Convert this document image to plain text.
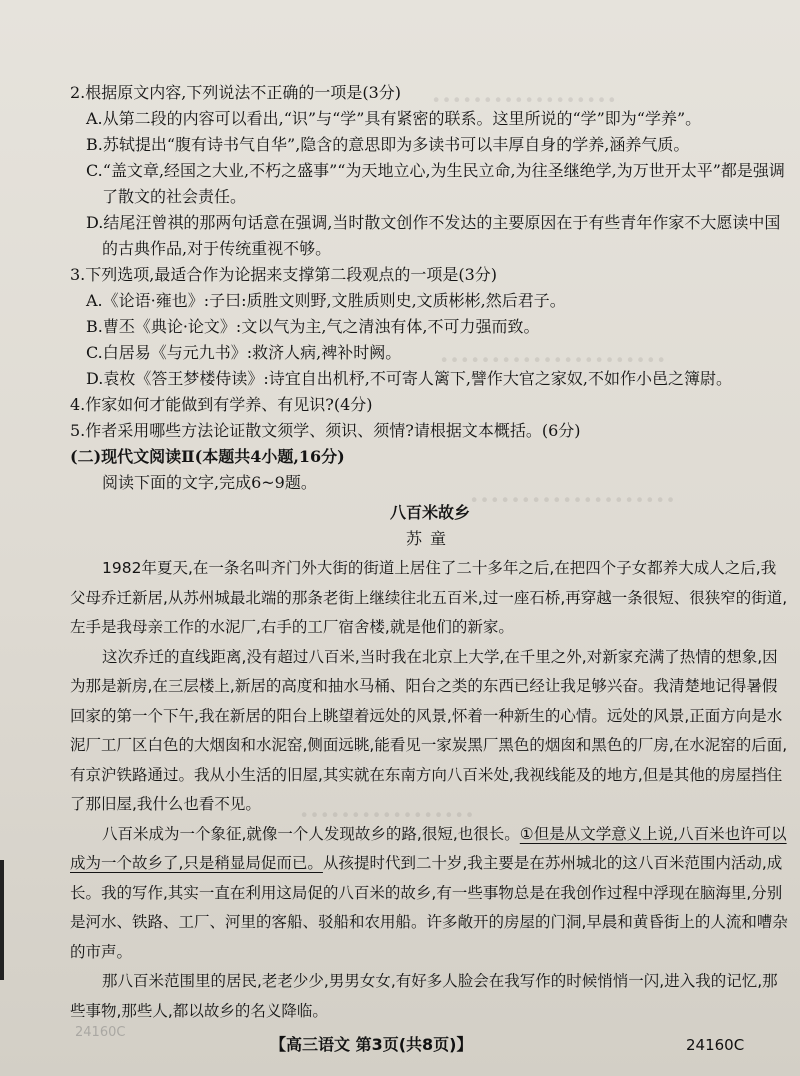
∙∙∙∙∙∙∙∙∙∙∙∙∙∙∙∙∙∙
∙∙∙∙∙∙∙∙∙∙∙∙∙∙∙∙∙∙∙∙∙∙
∙∙∙∙∙∙∙∙∙∙∙∙∙∙∙∙∙∙∙∙
∙∙∙∙∙∙∙∙∙∙∙∙∙∙∙∙∙

2.根据原文内容,下列说法不正确的一项是(3分)

A.从第二段的内容可以看出,“识”与“学”具有紧密的联系。这里所说的“学”即为“学养”。

B.苏轼提出“腹有诗书气自华”,隐含的意思即为多读书可以丰厚自身的学养,涵养气质。

C.“盖文章,经国之大业,不朽之盛事”“为天地立心,为生民立命,为往圣继绝学,为万世开太平”都是强调了散文的社会责任。

D.结尾汪曾祺的那两句话意在强调,当时散文创作不发达的主要原因在于有些青年作家不大愿读中国的古典作品,对于传统重视不够。

3.下列选项,最适合作为论据来支撑第二段观点的一项是(3分)

A.《论语·雍也》:子曰:质胜文则野,文胜质则史,文质彬彬,然后君子。

B.曹丕《典论·论文》:文以气为主,气之清浊有体,不可力强而致。

C.白居易《与元九书》:救济人病,裨补时阙。

D.袁枚《答王梦楼侍读》:诗宜自出机杼,不可寄人篱下,譬作大官之家奴,不如作小邑之簿尉。

4.作家如何才能做到有学养、有见识?(4分)

5.作者采用哪些方法论证散文须学、须识、须情?请根据文本概括。(6分)

(二)现代文阅读Ⅱ(本题共4小题,16分)

阅读下面的文字,完成6~9题。

八百米故乡

苏童

1982年夏天,在一条名叫齐门外大街的街道上居住了二十多年之后,在把四个子女都养大成人之后,我父母乔迁新居,从苏州城最北端的那条老街上继续往北五百米,过一座石桥,再穿越一条很短、很狭窄的街道,左手是我母亲工作的水泥厂,右手的工厂宿舍楼,就是他们的新家。

这次乔迁的直线距离,没有超过八百米,当时我在北京上大学,在千里之外,对新家充满了热情的想象,因为那是新房,在三层楼上,新居的高度和抽水马桶、阳台之类的东西已经让我足够兴奋。我清楚地记得暑假回家的第一个下午,我在新居的阳台上眺望着远处的风景,怀着一种新生的心情。远处的风景,正面方向是水泥厂工厂区白色的大烟囱和水泥窑,侧面远眺,能看见一家炭黑厂黑色的烟囱和黑色的厂房,在水泥窑的后面,有京沪铁路通过。我从小生活的旧屋,其实就在东南方向八百米处,我视线能及的地方,但是其他的房屋挡住了那旧屋,我什么也看不见。

八百米成为一个象征,就像一个人发现故乡的路,很短,也很长。①但是从文学意义上说,八百米也许可以成为一个故乡了,只是稍显局促而已。从孩提时代到二十岁,我主要是在苏州城北的这八百米范围内活动,成长。我的写作,其实一直在利用这局促的八百米的故乡,有一些事物总是在我创作过程中浮现在脑海里,分别是河水、铁路、工厂、河里的客船、驳船和农用船。许多敞开的房屋的门洞,早晨和黄昏街上的人流和嘈杂的市声。

那八百米范围里的居民,老老少少,男男女女,有好多人脸会在我写作的时候悄悄一闪,进入我的记忆,那些事物,那些人,都以故乡的名义降临。

24160C
【高三语文 第3页(共8页)】	24160C
